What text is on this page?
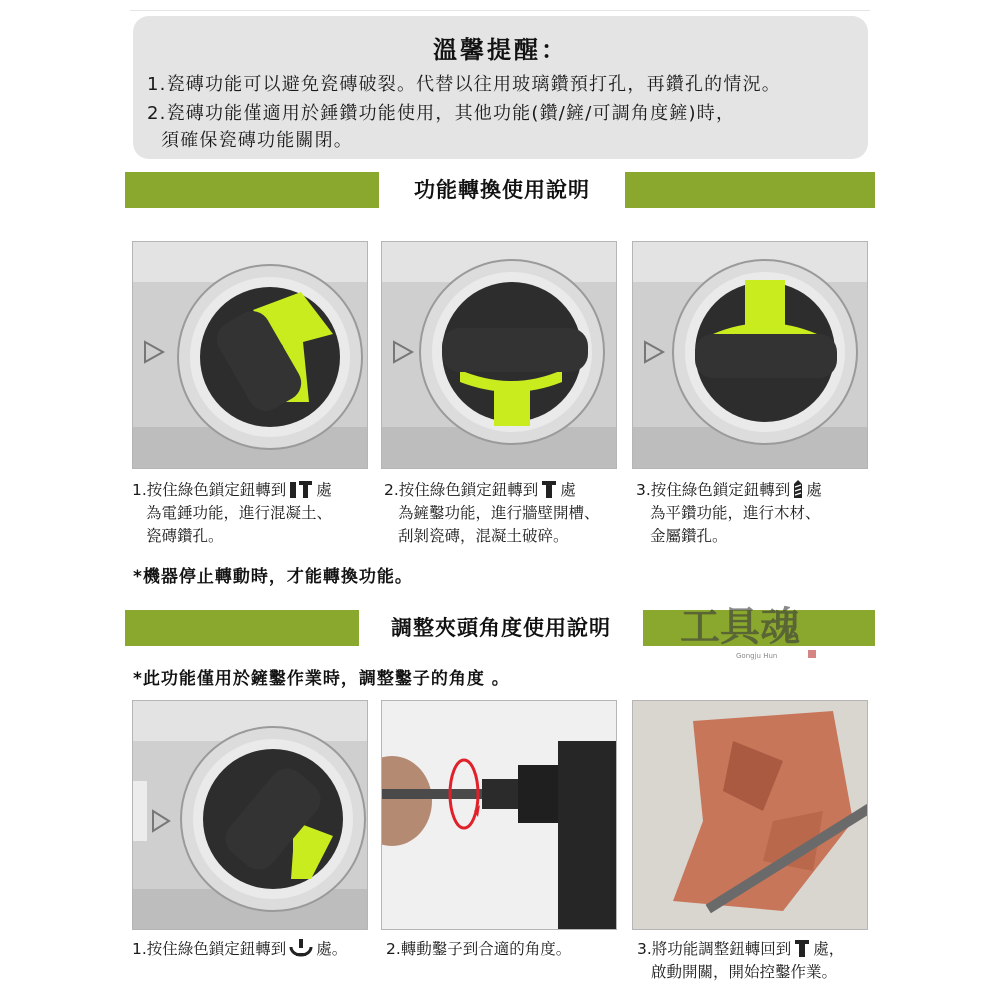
溫馨提醒：
1.瓷磚功能可以避免瓷磚破裂。代替以往用玻璃鑽預打孔，再鑽孔的情況。
2.瓷磚功能僅適用於錘鑽功能使用，其他功能(鑽/鏟/可調角度鏟)時，
須確保瓷磚功能關閉。
功能轉換使用說明
1.按住綠色鎖定鈕轉到 處
為電錘功能，進行混凝土、
瓷磚鑽孔。
2.按住綠色鎖定鈕轉到 處
為鏟鑿功能，進行牆壁開槽、
刮剝瓷磚，混凝土破碎。
3.按住綠色鎖定鈕轉到 處
為平鑽功能，進行木材、
金屬鑽孔。
*機器停止轉動時，才能轉換功能。
調整夾頭角度使用說明	工具魂
Gongju Hun
*此功能僅用於鏟鑿作業時，調整鑿子的角度 。
1.按住綠色鎖定鈕轉到 處。 2.轉動鑿子到合適的角度。	3.將功能調整鈕轉回到 處，
啟動開關，開始控鑿作業。
